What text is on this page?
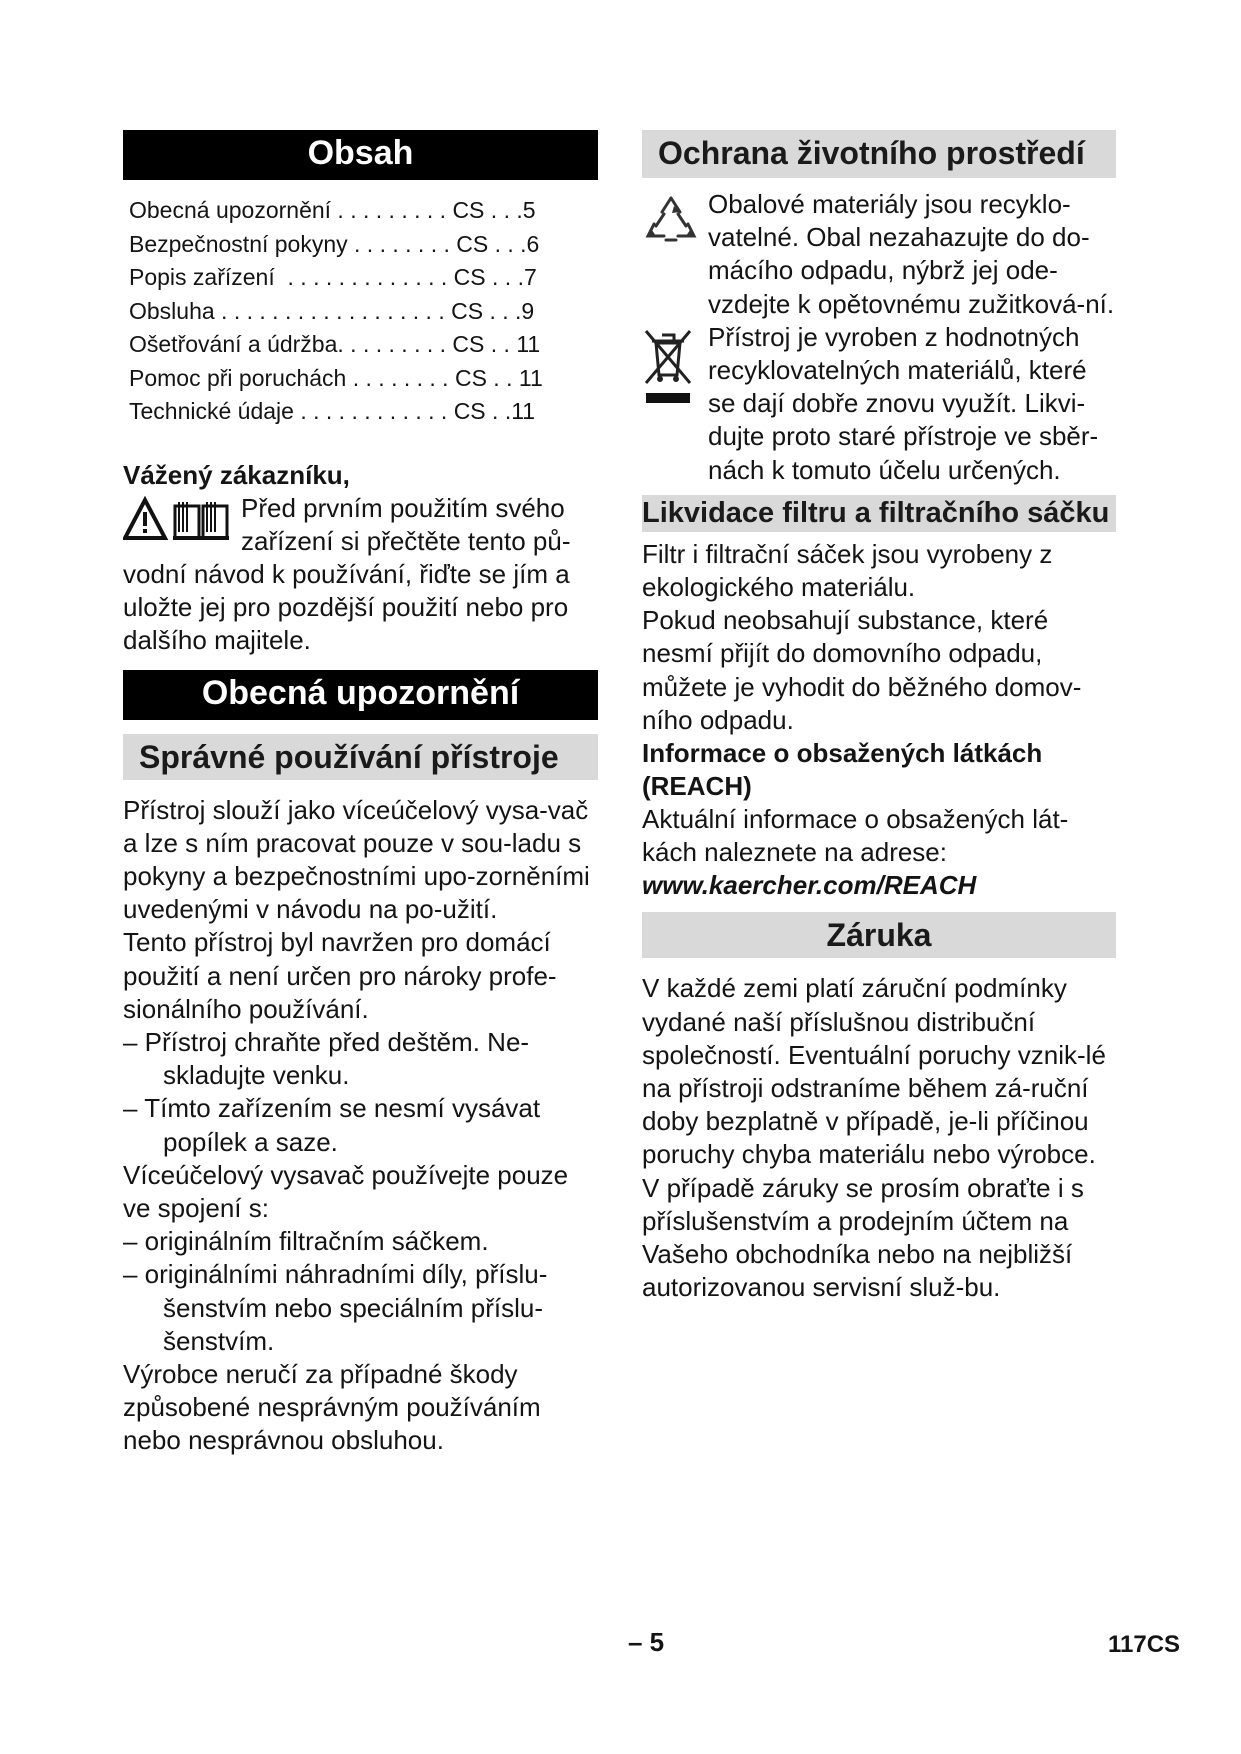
Obsah
Obecná upozornění . . . . . . . . . CS . . .5
Bezpečnostní pokyny . . . . . . . . CS . . .6
Popis zařízení  . . . . . . . . . . . . . CS . . .7
Obsluha . . . . . . . . . . . . . . . . . . CS . . .9
Ošetřování a údržba. . . . . . . . . CS . . 11
Pomoc při poruchách . . . . . . . . CS . . 11
Technické údaje . . . . . . . . . . . . CS . .11

Vážený zákazníku,

Před prvním použitím svého

zařízení si přečtěte tento pů-

vodní návod k používání, řiďte se jím a uložte jej pro pozdější použití nebo pro dalšího majitele.

Obecná upozornění
Správné používání přístroje

Přístroj slouží jako víceúčelový vysa-vač a lze s ním pracovat pouze v sou-ladu s pokyny a bezpečnostními upo-zorněními uvedenými v návodu na po-užití.

Tento přístroj byl navržen pro domácí použití a není určen pro nároky profe-sionálního používání.

– Přístroj chraňte před deštěm. Ne-skladujte venku.

– Tímto zařízením se nesmí vysávat popílek a saze.

Víceúčelový vysavač používejte pouze ve spojení s:

– originálním filtračním sáčkem.

– originálními náhradními díly, příslu-šenstvím nebo speciálním příslu-šenstvím.

Výrobce neručí za případné škody způsobené nesprávným používáním nebo nesprávnou obsluhou.

Ochrana životního prostředí

Obalové materiály jsou recyklo-vatelné. Obal nezahazujte do do-mácího odpadu, nýbrž jej ode-vzdejte k opětovnému zužitková-ní.

Přístroj je vyroben z hodnotných recyklovatelných materiálů, které se dají dobře znovu využít. Likvi-dujte proto staré přístroje ve sběr-nách k tomuto účelu určených.

Likvidace filtru a filtračního sáčku

Filtr i filtrační sáček jsou vyrobeny z ekologického materiálu.

Pokud neobsahují substance, které nesmí přijít do domovního odpadu, můžete je vyhodit do běžného domov-ního odpadu.

Informace o obsažených látkách (REACH)

Aktuální informace o obsažených lát-kách naleznete na adrese:

www.kaercher.com/REACH

Záruka

V každé zemi platí záruční podmínky vydané naší příslušnou distribuční společností. Eventuální poruchy vznik-lé na přístroji odstraníme během zá-ruční doby bezplatně v případě, je-li příčinou poruchy chyba materiálu nebo výrobce. V případě záruky se prosím obraťte i s příslušenstvím a prodejním účtem na Vašeho obchodníka nebo na nejbližší autorizovanou servisní služ-bu.

– 5	117CS
